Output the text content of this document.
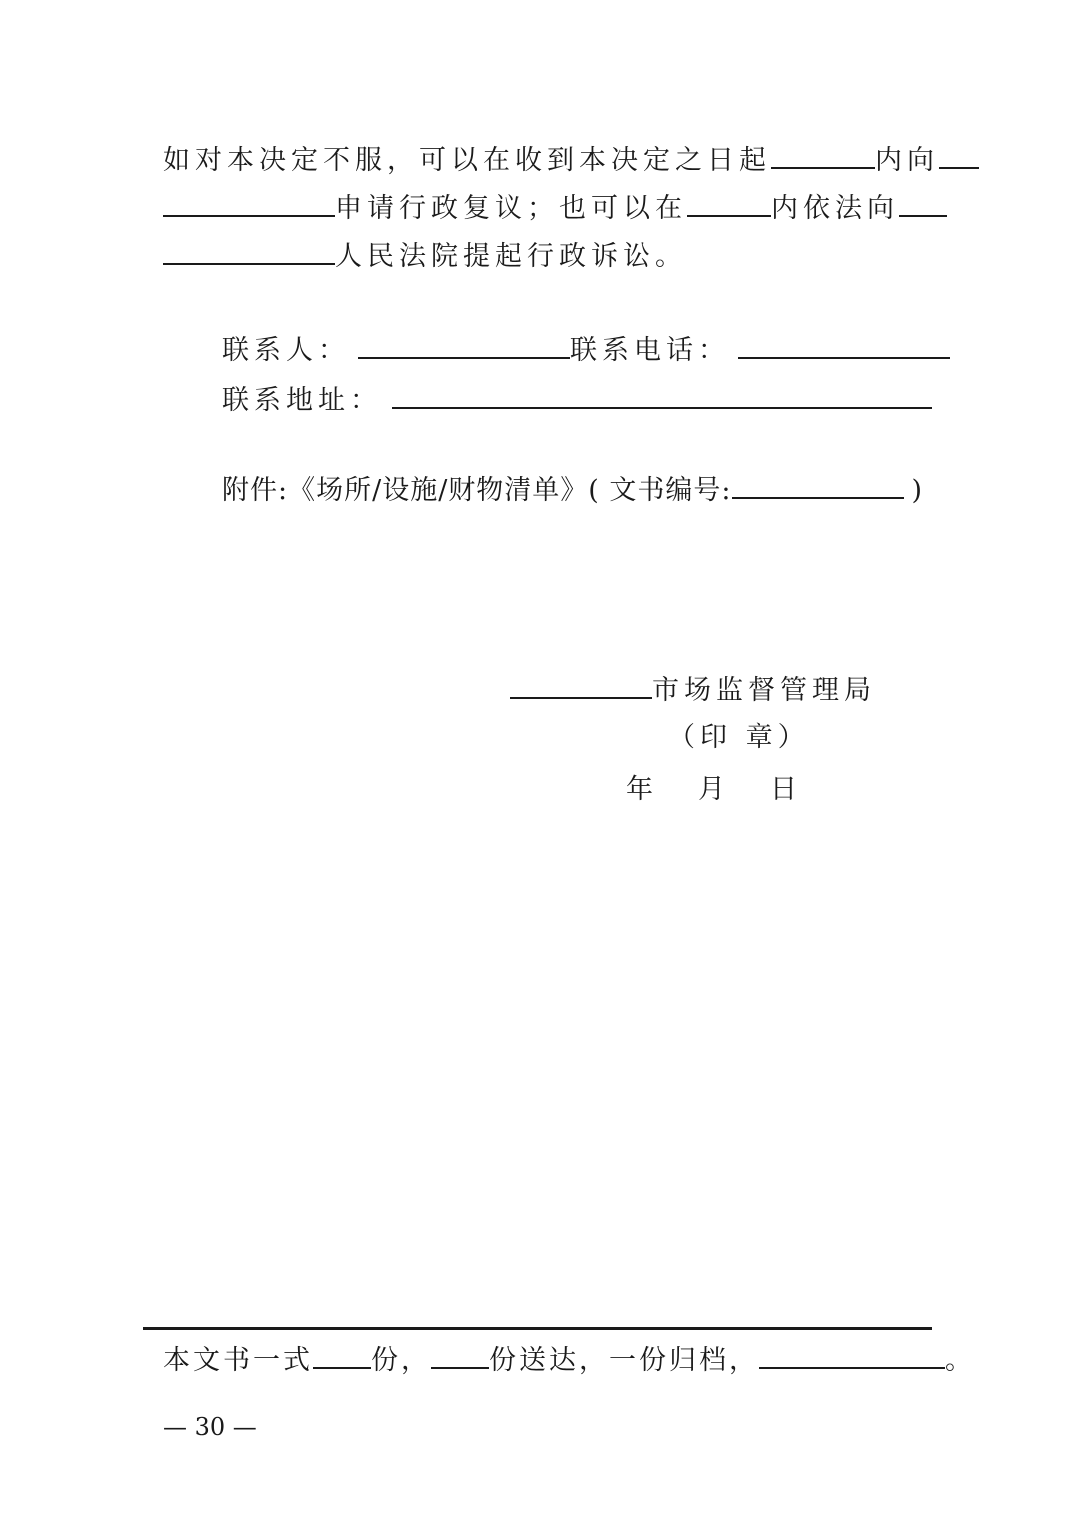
如对本决定不服，可以在收到本决定之日起	内向
申请行政复议；也可以在	内依法向
人民法院提起行政诉讼。
联系人：	联系电话：
联系地址：
附件:《场所/设施/财物清单》( 文书编号:	)
市场监督管理局
（印 章）
年 月 日
本文书一式 份， 份送达，一份归档，	。
— 30 —
